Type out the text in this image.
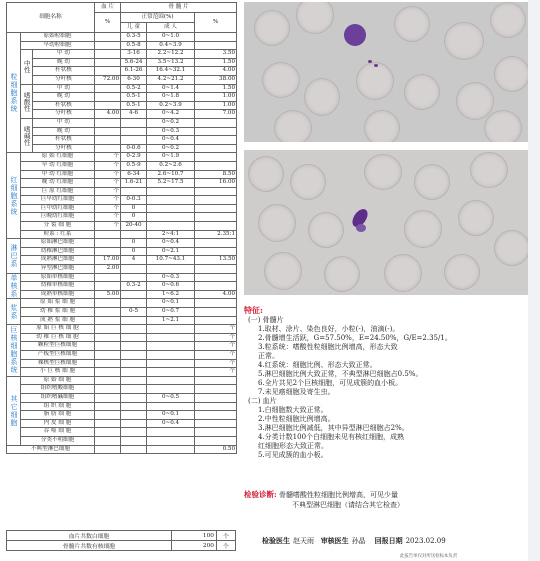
细胞名称			血 片	骨 髓 片		
			%	正常范围(%)		%
				儿 童	成 人	
粒细胞系统	原始粒细胞			0.3-5	0~1.0	
	早幼粒细胞			0.5-8	0.4~3.9	
	中性	中 幼		3-16	2.2~12.2	3.50
		晚 幼		5.6-24	3.5~13.2	1.50
		杆状核		6.1-26	16.4~32.1	4.00
		分叶核	72.00	6-30	4.2~21.2	38.00
	嗜酸性	中 幼		0.5-2	0~1.4	1.50
		晚 幼		0.5-1	0~1.8	1.00
		杆状核		0.5-1	0.2~3.9	1.00
		分叶核	4.00	4-6	0~4.2	7.00
	嗜碱性	中 幼			0~0.2	
		晚 幼			0~0.3	
		杆状核			0~0.4	
		分叶核		0-0.6	0~0.2	
红细胞系统	原 始 红细胞		个	0-2.9	0~1.9	
	早 幼 红细胞		个	0.5-9	0.2~2.6	
	中 幼 红细胞		个	6-34	2.6~10.7	8.50
	晚 幼 红细胞		个	1.6-21	5.2~17.5	16.00
	巨 原 红细胞		个			
	巨早幼红细胞		个	0-0.3		
	巨中幼红细胞		个	0		
	巨晚幼红细胞		个	0		
	分 裂 细 胞		个	20-40		
	粒系 : 红系				2~4:1	2.35:1
淋巴系	原始淋巴细胞			0	0~0.4	
	幼稚淋巴细胞			0	0~2.1	
	成熟淋巴细胞		17.00	4	10.7~43.1	13.50
	异型淋巴细胞		2.00			
单核系	原始单核细胞				0~0.3	
	幼稚单核细胞			0.3-2	0~0.6	
	成熟单核细胞		5.00		1~6.2	4.00
浆系	原 始 浆 细 胞				0~0.1	
	幼 稚 浆 细 胞			0-5	0~0.7	
	成 熟 浆 细 胞				1~2.1	
巨核细胞系统	原 始 巨 核 细 胞					个
	幼 稚 巨 核 细 胞					个
	颗粒型巨核细胞					个
	产板型巨核细胞					个
	裸核型巨核细胞					个
	小 巨 核 细 胞					个
其它细胞	原 始 细 胞					
	组织嗜酸细胞					
	组织嗜碱细胞				0~0.5	
	组 织 细 胞					
	脂 肪 细 胞				0~0.1	
	内 皮 细 胞				0~0.4	
	吞 噬 细 胞					
	分类不明细胞					
不典型淋巴细胞						0.50
血片共数白细胞	100	个
骨髓片共数有核细胞	200	个
特征:
(一) 骨髓片
1.取材、涂片、染色良好，小粒(-)，油滴(-)。
2.骨髓增生活跃，G=57.50%，E=24.50%，G/E=2.35/1。
3.粒系统：嗜酸性粒细胞比例增高，形态大致
正常。
4.红系统：细胞比例、形态大致正常。
5.淋巴细胞比例大致正常，不典型淋巴细胞占0.5%。
6.全片共见2个巨核细胞，可见成簇的血小板。
7.未见癌细胞及寄生虫。
(二) 血片
1.白细胞数大致正常。
2.中性粒细胞比例增高。
3.淋巴细胞比例减低，其中异型淋巴细胞占2%。
4.分类计数100个白细胞未见有核红细胞，成熟
红细胞形态大致正常。
5.可见成簇的血小板。
检验诊断: 骨髓嗜酸性粒细胞比例增高，可见少量
不典型淋巴细胞（请结合其它检查）
检验医生 赵天雨 审核医生 孙晶 回报日期 2023.02.09
此报告单仅对所送检标本负责
